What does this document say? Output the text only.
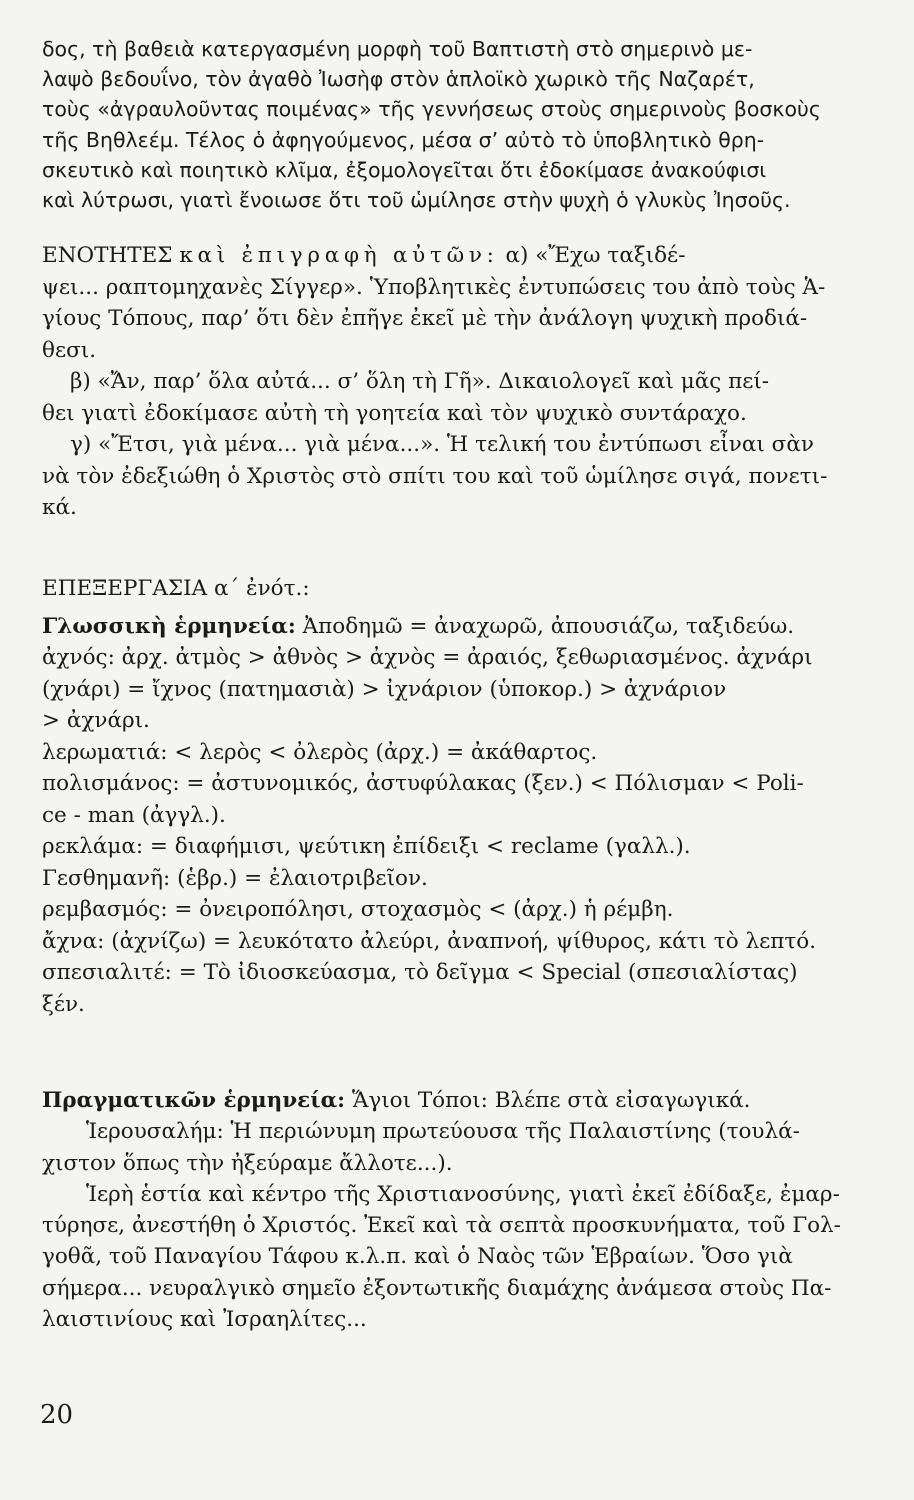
δος, τὴ βαθειὰ κατεργασμένη μορφὴ τοῦ Βαπτιστὴ στὸ σημερινὸ με-
λαψὸ βεδουΐνο, τὸν ἀγαθὸ Ἰωσὴφ στὸν ἁπλοϊκὸ χωρικὸ τῆς Ναζαρέτ,
τοὺς «ἀγραυλοῦντας ποιμένας» τῆς γεννήσεως στοὺς σημερινοὺς βοσκοὺς
τῆς Βηθλεέμ. Τέλος ὁ ἀφηγούμενος, μέσα σ’ αὐτὸ τὸ ὑποβλητικὸ θρη-
σκευτικὸ καὶ ποιητικὸ κλῖμα, ἐξομολογεῖται ὅτι ἐδοκίμασε ἀνακούφισι
καὶ λύτρωσι, γιατὶ ἔνοιωσε ὅτι τοῦ ὡμίλησε στὴν ψυχὴ ὁ γλυκὺς Ἰησοῦς.
ΕΝΟΤΗΤΕΣ καὶ ἐπιγραφὴ αὐτῶν: α) «Ἔχω ταξιδέ-
ψει... ραπτομηχανὲς Σίγγερ». Ὑποβλητικὲς ἐντυπώσεις του ἀπὸ τοὺς Ἁ-
γίους Τόπους, παρ’ ὅτι δὲν ἐπῆγε ἐκεῖ μὲ τὴν ἀνάλογη ψυχικὴ προδιά-
θεσι.
β) «Ἄν, παρ’ ὅλα αὐτά... σ’ ὅλη τὴ Γῆ». Δικαιολογεῖ καὶ μᾶς πεί-
θει γιατὶ ἐδοκίμασε αὐτὴ τὴ γοητεία καὶ τὸν ψυχικὸ συντάραχο.
γ) «Ἔτσι, γιὰ μένα... γιὰ μένα...». Ἡ τελική του ἐντύπωσι εἶναι σὰν
νὰ τὸν ἐδεξιώθη ὁ Χριστὸς στὸ σπίτι του καὶ τοῦ ὡμίλησε σιγά, πονετι-
κά.
ΕΠΕΞΕΡΓΑΣΙΑ α΄ ἐνότ.:
Γλωσσικὴ ἑρμηνεία: Ἀποδημῶ = ἀναχωρῶ, ἀπουσιάζω, ταξιδεύω.
ἀχνός: ἀρχ. ἀτμὸς > ἀθνὸς > ἀχνὸς = ἀραιός, ξεθωριασμένος. ἀχνάρι
(χνάρι) = ἴχνος (πατημασιὰ) > ἰχνάριον (ὑποκορ.) > ἀχνάριον
> ἀχνάρι.
λερωματιά: < λερὸς < ὀλερὸς (ἀρχ.) = ἀκάθαρτος.
πολισμάνος: = ἀστυνομικός, ἀστυφύλακας (ξεν.) < Πόλισμαν < Poli-
ce - man (ἀγγλ.).
ρεκλάμα: = διαφήμισι, ψεύτικη ἐπίδειξι < reclame (γαλλ.).
Γεσθημανῆ: (ἑβρ.) = ἐλαιοτριβεῖον.
ρεμβασμός: = ὀνειροπόλησι, στοχασμὸς < (ἀρχ.) ἡ ρέμβη.
ἄχνα: (ἀχνίζω) = λευκότατο ἀλεύρι, ἀναπνοή, ψίθυρος, κάτι τὸ λεπτό.
σπεσιαλιτέ: = Τὸ ἰδιοσκεύασμα, τὸ δεῖγμα < Special (σπεσιαλίστας)
ξέν.
Πραγματικῶν ἑρμηνεία: Ἅγιοι Τόποι: Βλέπε στὰ εἰσαγωγικά.
Ἱερουσαλήμ: Ἡ περιώνυμη πρωτεύουσα τῆς Παλαιστίνης (τουλά-
χιστον ὅπως τὴν ἠξεύραμε ἄλλοτε...).
Ἱερὴ ἑστία καὶ κέντρο τῆς Χριστιανοσύνης, γιατὶ ἐκεῖ ἐδίδαξε, ἐμαρ-
τύρησε, ἀνεστήθη ὁ Χριστός. Ἐκεῖ καὶ τὰ σεπτὰ προσκυνήματα, τοῦ Γολ-
γοθᾶ, τοῦ Παναγίου Τάφου κ.λ.π. καὶ ὁ Ναὸς τῶν Ἑβραίων. Ὅσο γιὰ
σήμερα... νευραλγικὸ σημεῖο ἐξοντωτικῆς διαμάχης ἀνάμεσα στοὺς Πα-
λαιστινίους καὶ Ἰσραηλίτες...
20
